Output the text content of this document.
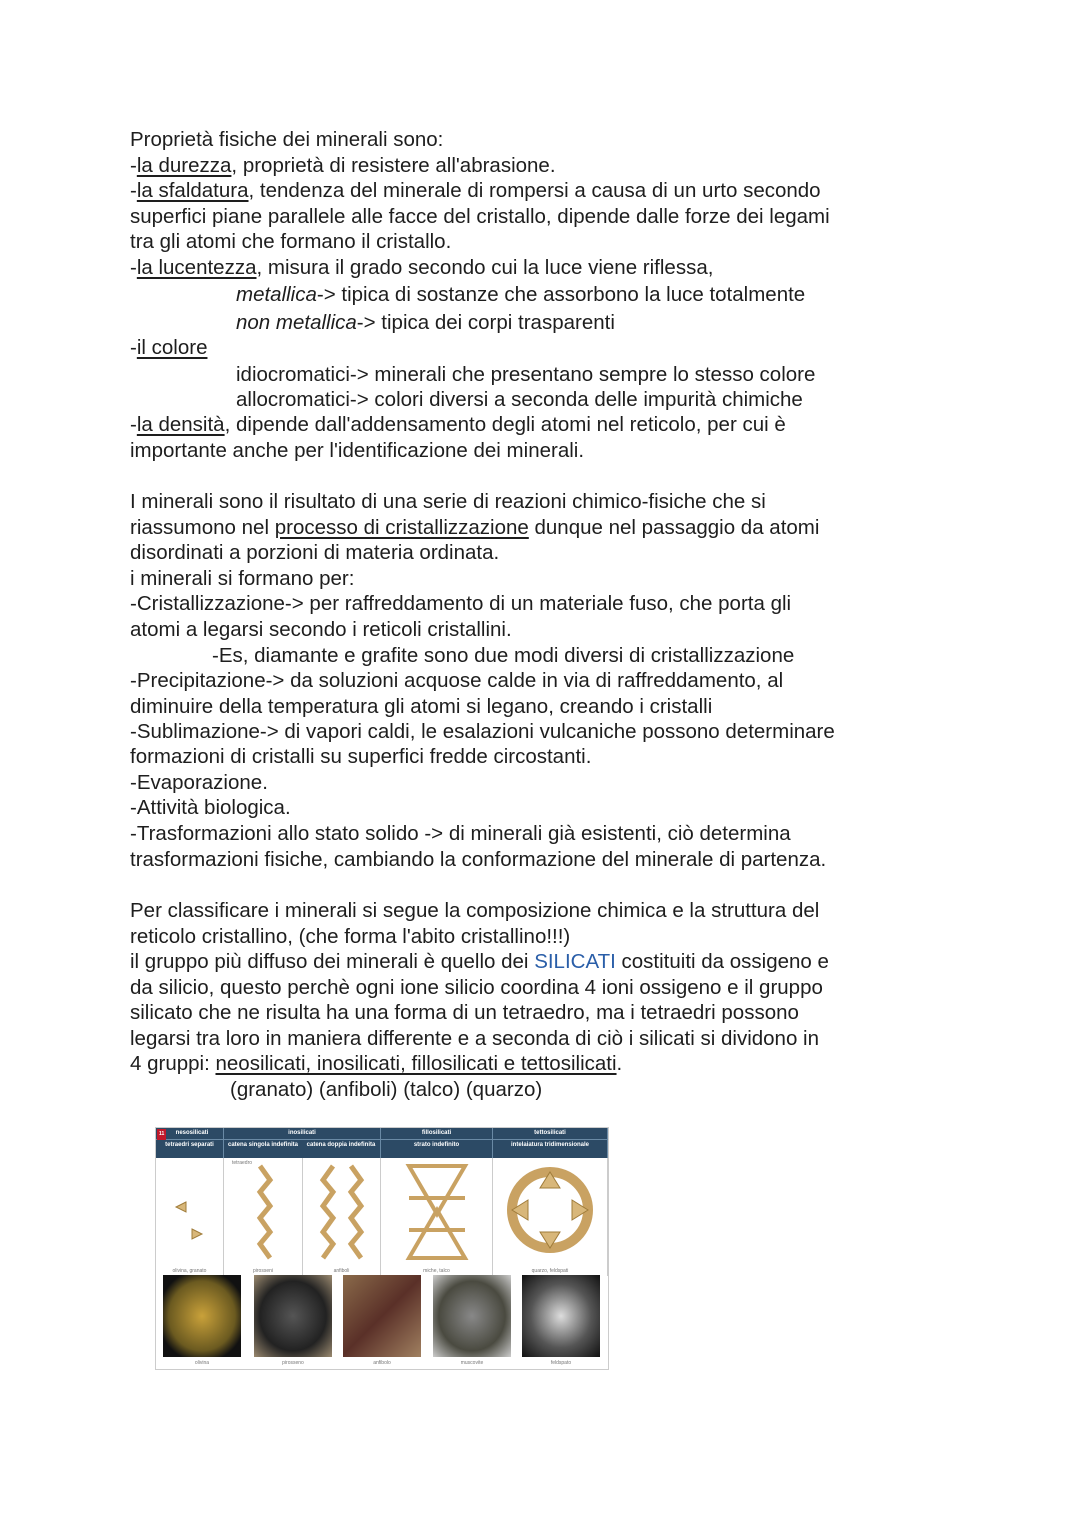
Proprietà fisiche dei minerali sono:
-la durezza, proprietà di resistere all'abrasione.
-la sfaldatura, tendenza del minerale di rompersi a causa di un urto secondo
superfici piane parallele alle facce del cristallo, dipende dalle forze dei legami
tra gli atomi che formano il cristallo.
-la lucentezza, misura il grado secondo cui la luce viene riflessa,
metallica-> tipica di sostanze che assorbono la luce totalmente
non metallica-> tipica dei corpi trasparenti
-il colore
idiocromatici-> minerali che presentano sempre lo stesso colore
allocromatici-> colori diversi a seconda delle impurità chimiche
-la densità, dipende dall'addensamento degli atomi nel reticolo, per cui è
importante anche per l'identificazione dei minerali.
I minerali sono il risultato di una serie di reazioni chimico-fisiche che si
riassumono nel processo di cristallizzazione dunque nel passaggio da atomi
disordinati a porzioni di materia ordinata.
i minerali si formano per:
-Cristallizzazione-> per raffreddamento di un materiale fuso, che porta gli
atomi a legarsi secondo i reticoli cristallini.
-Es, diamante e grafite sono due modi diversi di cristallizzazione
-Precipitazione-> da soluzioni acquose calde in via di raffreddamento, al
diminuire della temperatura gli atomi si legano, creando i cristalli
-Sublimazione-> di vapori caldi, le esalazioni vulcaniche possono determinare
formazioni di cristalli su superfici fredde circostanti.
-Evaporazione.
-Attività biologica.
-Trasformazioni allo stato solido -> di minerali già esistenti, ciò determina
trasformazioni fisiche, cambiando la conformazione del minerale di partenza.
Per classificare i minerali si segue la composizione chimica e la struttura del
reticolo cristallino, (che forma l'abito cristallino!!!)
il gruppo più diffuso dei minerali è quello dei SILICATI costituiti da ossigeno e
da silicio, questo perchè ogni ione silicio coordina 4 ioni ossigeno e il gruppo
silicato che ne risulta ha una forma di un tetraedro, ma i tetraedri possono
legarsi tra loro in maniera differente e a seconda di ciò i silicati si dividono in
4 gruppi: neosilicati, inosilicati, fillosilicati e tettosilicati.
(granato) (anfiboli) (talco) (quarzo)
11	nesosilicati
tetraedri separati
inosilicati
catena singola indefinita	catena doppia indefinita
fillosilicati
strato indefinito
tettosilicati
intelaiatura tridimensionale
olivina, granato
tetraedro
pirosseni	anfiboli	miche, talco	quarzo, feldspati
olivina	pirosseno	anfibolo	muscovite	feldspato
